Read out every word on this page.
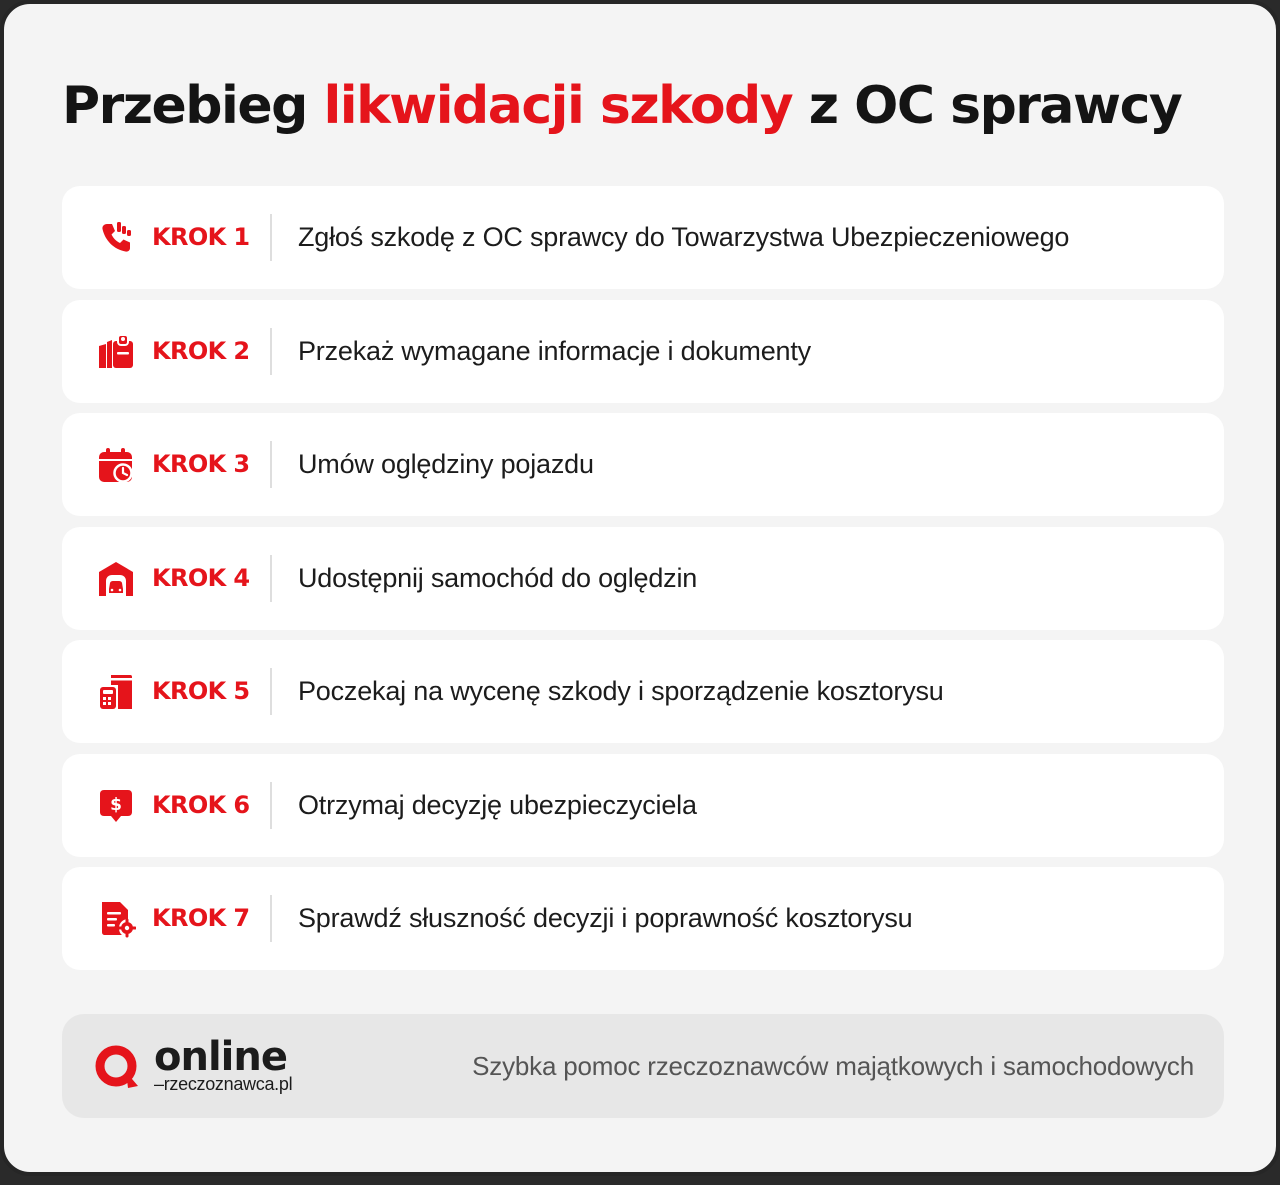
Przebieg likwidacji szkody z OC sprawcy
KROK 1 Zgłoś szkodę z OC sprawcy do Towarzystwa Ubezpieczeniowego
KROK 2 Przekaż wymagane informacje i dokumenty
KROK 3 Umów oględziny pojazdu
KROK 4 Udostępnij samochód do oględzin
KROK 5 Poczekaj na wycenę szkody i sporządzenie kosztorysu
$ KROK 6 Otrzymaj decyzję ubezpieczyciela
KROK 7 Sprawdź słuszność decyzji i poprawność kosztorysu
online
–rzeczoznawca.pl
Szybka pomoc rzeczoznawców majątkowych i samochodowych
